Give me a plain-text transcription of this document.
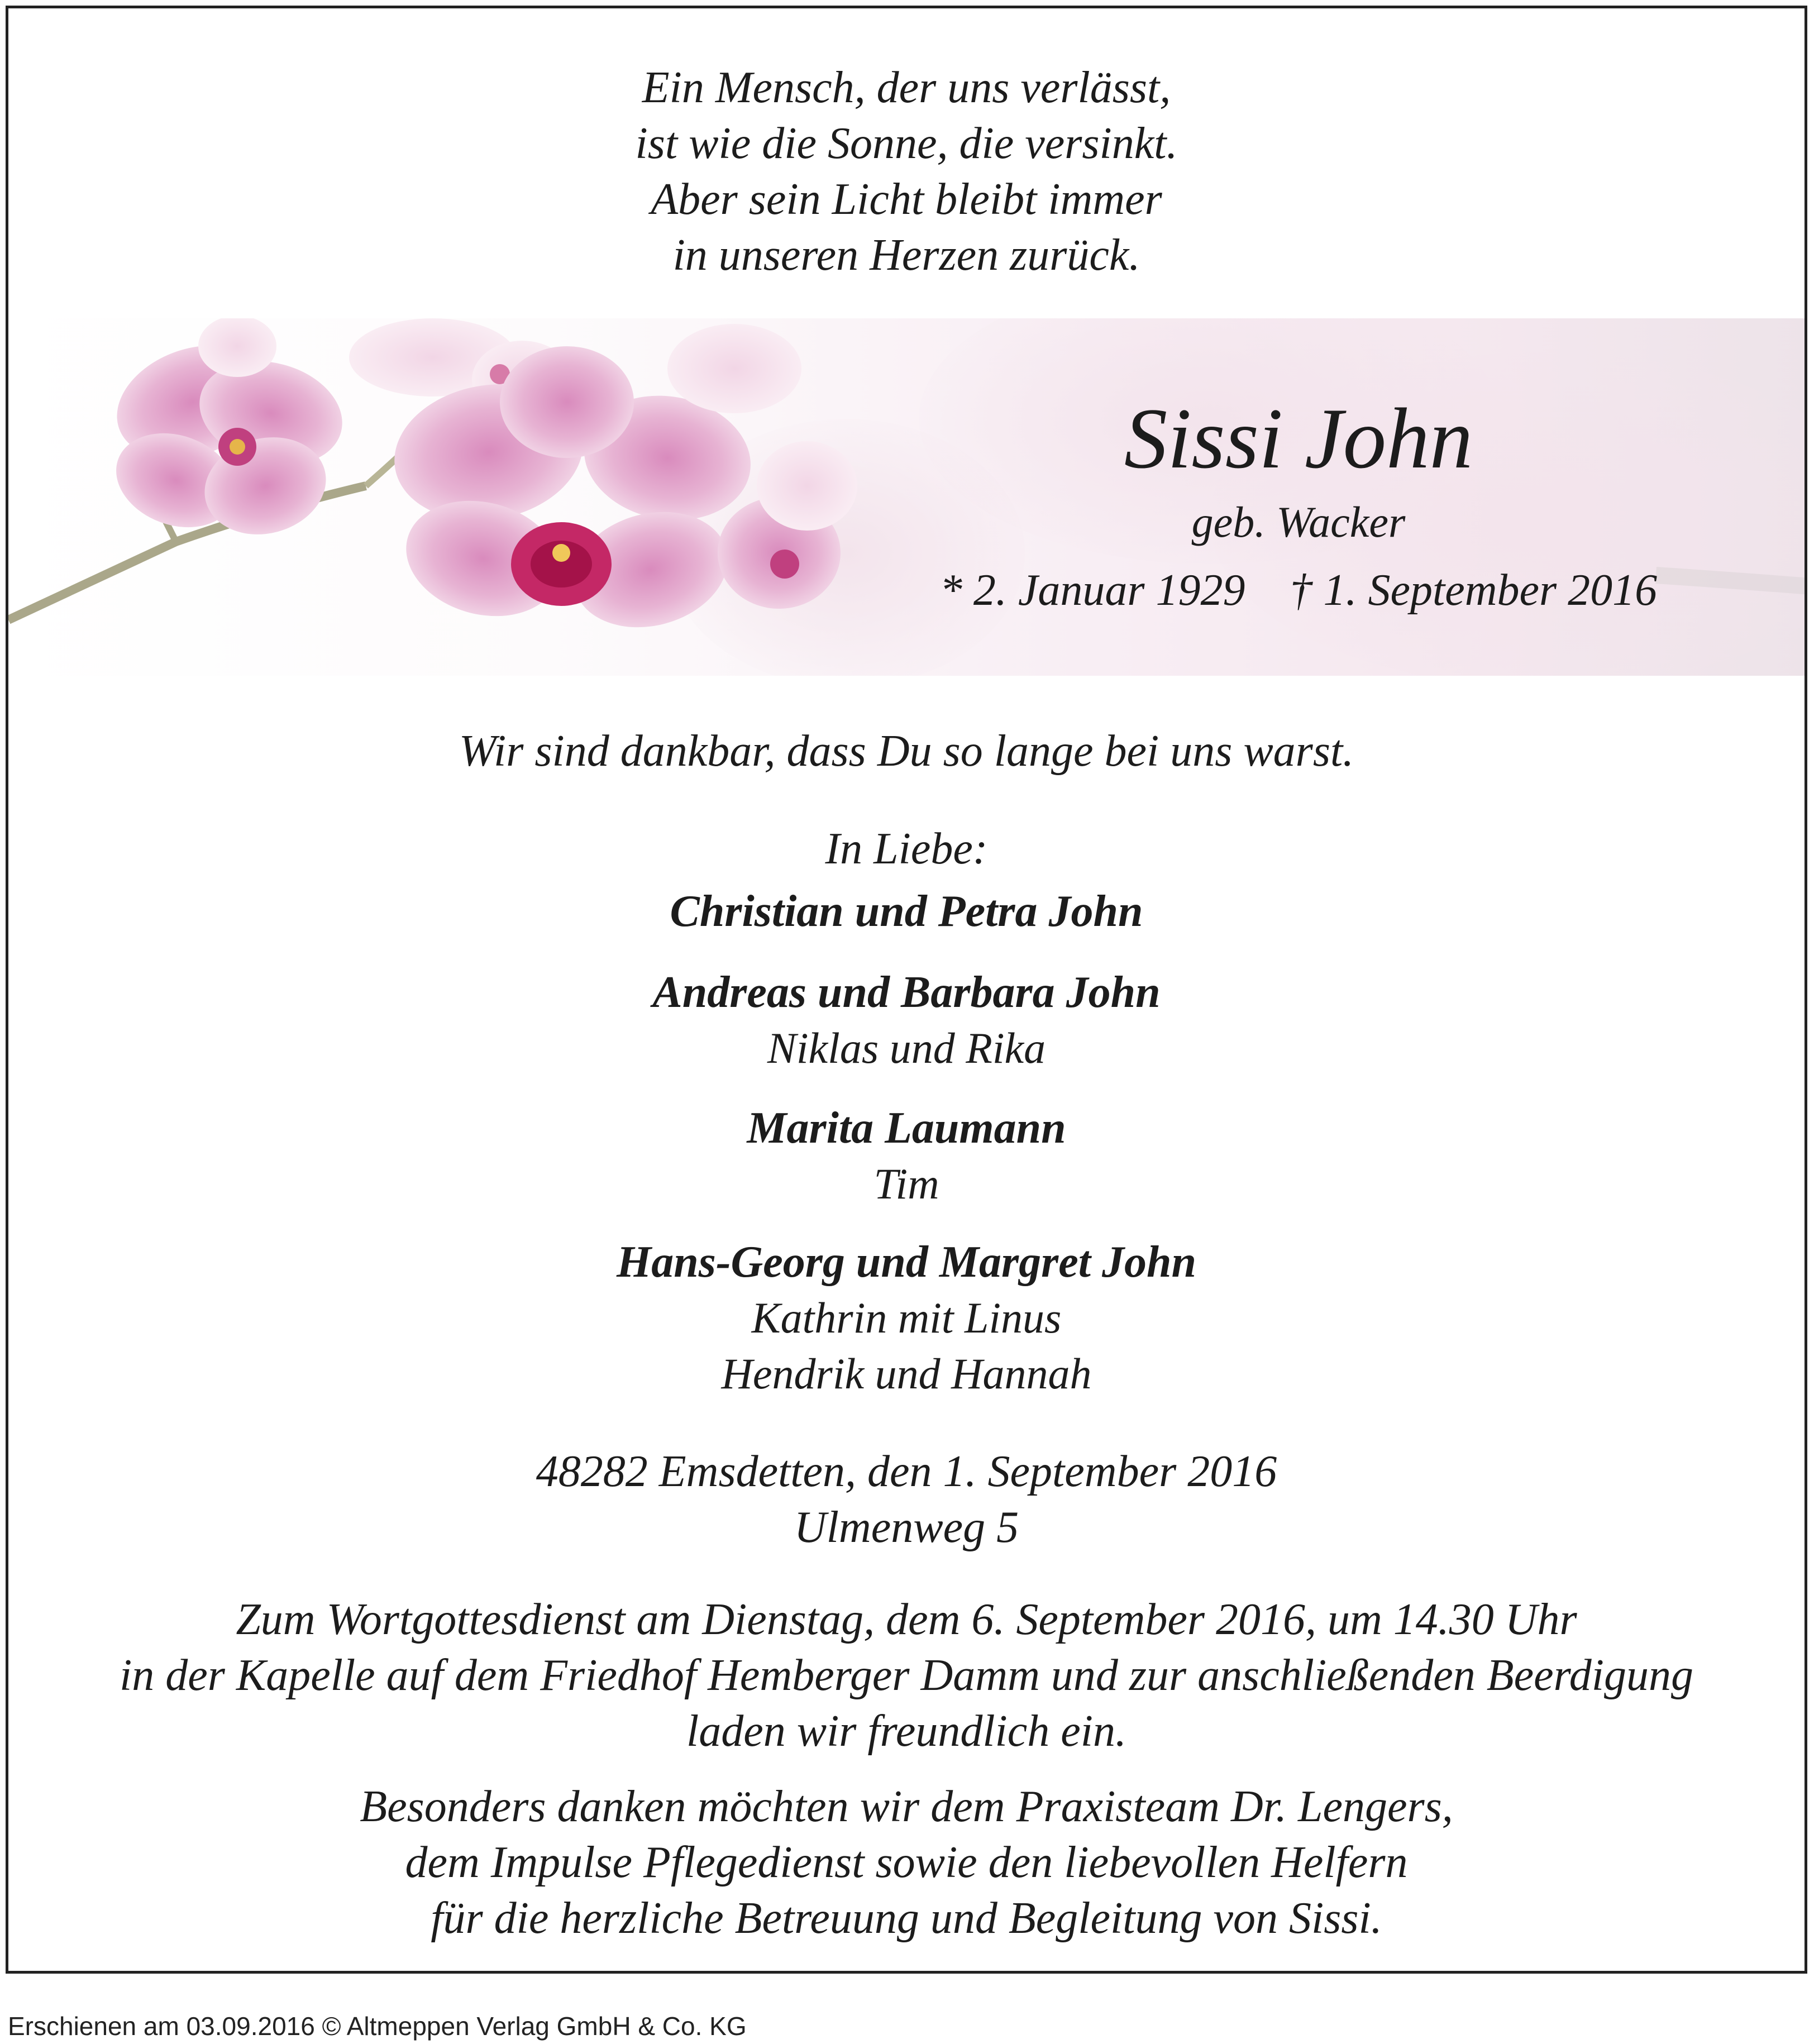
Ein Mensch, der uns verlässt,
ist wie die Sonne, die versinkt.
Aber sein Licht bleibt immer
in unseren Herzen zurück.
Sissi John
geb. Wacker
* 2. Januar 1929 † 1. September 2016
Wir sind dankbar, dass Du so lange bei uns warst.
In Liebe:
Christian und Petra John
Andreas und Barbara John
Niklas und Rika
Marita Laumann
Tim
Hans-Georg und Margret John
Kathrin mit Linus
Hendrik und Hannah
48282 Emsdetten, den 1. September 2016
Ulmenweg 5
Zum Wortgottesdienst am Dienstag, dem 6. September 2016, um 14.30 Uhr
in der Kapelle auf dem Friedhof Hemberger Damm und zur anschließenden Beerdigung
laden wir freundlich ein.
Besonders danken möchten wir dem Praxisteam Dr. Lengers,
dem Impulse Pflegedienst sowie den liebevollen Helfern
für die herzliche Betreuung und Begleitung von Sissi.
Erschienen am 03.09.2016 © Altmeppen Verlag GmbH & Co. KG
